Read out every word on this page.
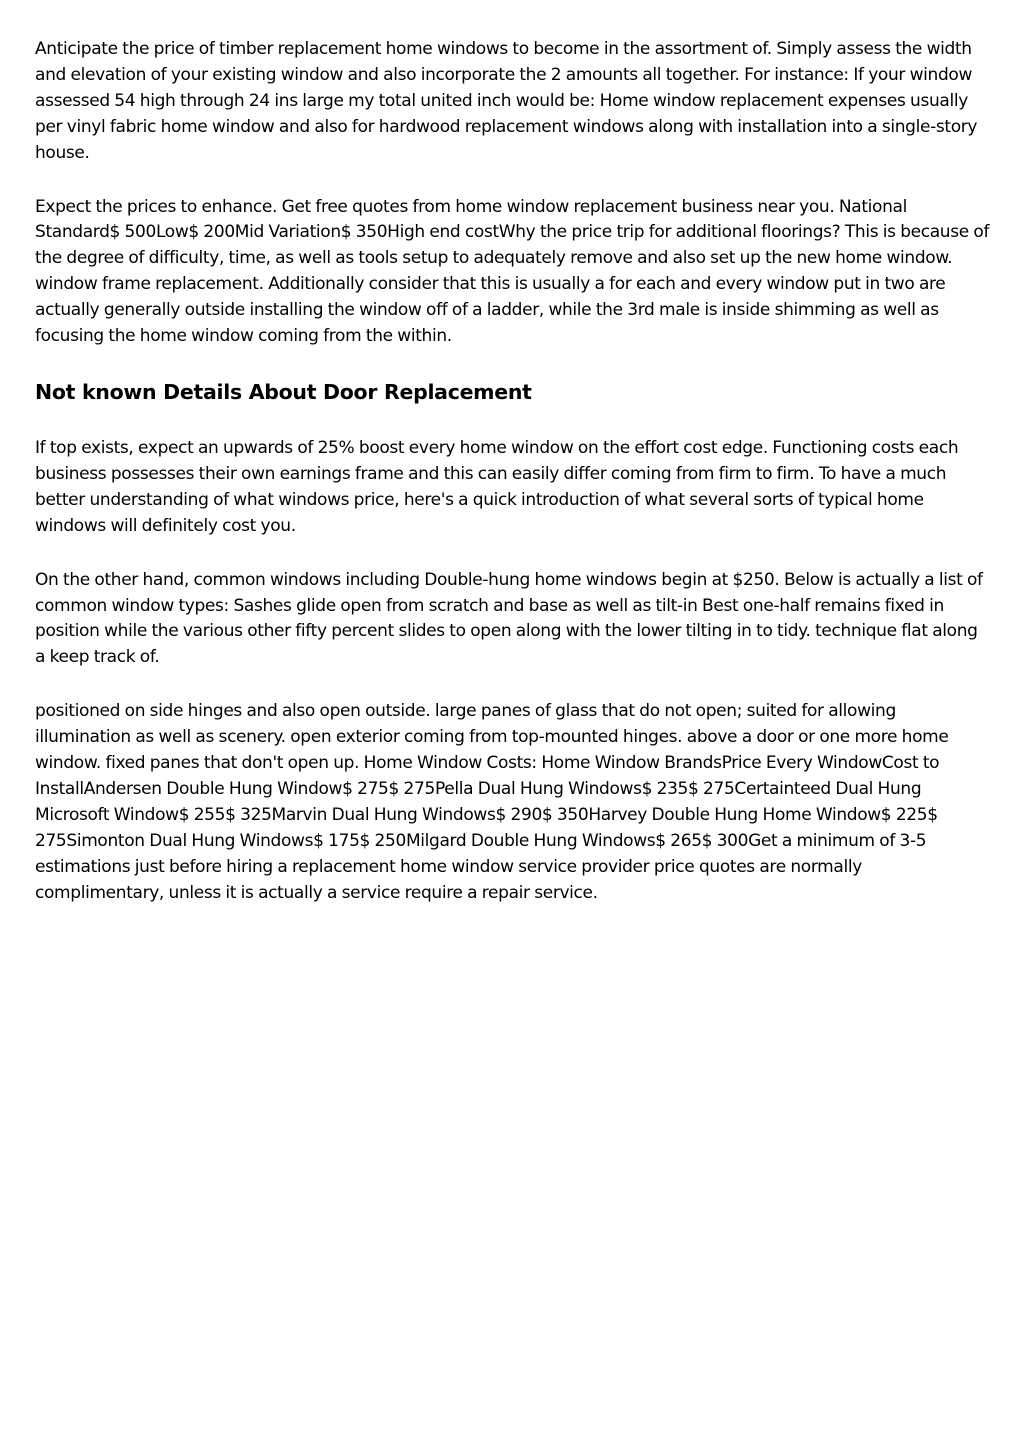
Anticipate the price of timber replacement home windows to become in the assortment of. Simply assess the width and elevation of your existing window and also incorporate the 2 amounts all together. For instance: If your window assessed 54 high through 24 ins large my total united inch would be: Home window replacement expenses usually per vinyl fabric home window and also for hardwood replacement windows along with installation into a single-story house.

Expect the prices to enhance. Get free quotes from home window replacement business near you. National Standard$ 500Low$ 200Mid Variation$ 350High end costWhy the price trip for additional floorings? This is because of the degree of difficulty, time, as well as tools setup to adequately remove and also set up the new home window. window frame replacement. Additionally consider that this is usually a for each and every window put in two are actually generally outside installing the window off of a ladder, while the 3rd male is inside shimming as well as focusing the home window coming from the within.

Not known Details About Door Replacement

If top exists, expect an upwards of 25% boost every home window on the effort cost edge. Functioning costs each business possesses their own earnings frame and this can easily differ coming from firm to firm. To have a much better understanding of what windows price, here's a quick introduction of what several sorts of typical home windows will definitely cost you.

On the other hand, common windows including Double-hung home windows begin at $250. Below is actually a list of common window types: Sashes glide open from scratch and base as well as tilt-in Best one-half remains fixed in position while the various other fifty percent slides to open along with the lower tilting in to tidy. technique flat along a keep track of.

positioned on side hinges and also open outside. large panes of glass that do not open; suited for allowing illumination as well as scenery. open exterior coming from top-mounted hinges. above a door or one more home window. fixed panes that don't open up. Home Window Costs: Home Window BrandsPrice Every WindowCost to InstallAndersen Double Hung Window$ 275$ 275Pella Dual Hung Windows$ 235$ 275Certainteed Dual Hung Microsoft Window$ 255$ 325Marvin Dual Hung Windows$ 290$ 350Harvey Double Hung Home Window$ 225$ 275Simonton Dual Hung Windows$ 175$ 250Milgard Double Hung Windows$ 265$ 300Get a minimum of 3-5 estimations just before hiring a replacement home window service provider price quotes are normally complimentary, unless it is actually a service require a repair service.
